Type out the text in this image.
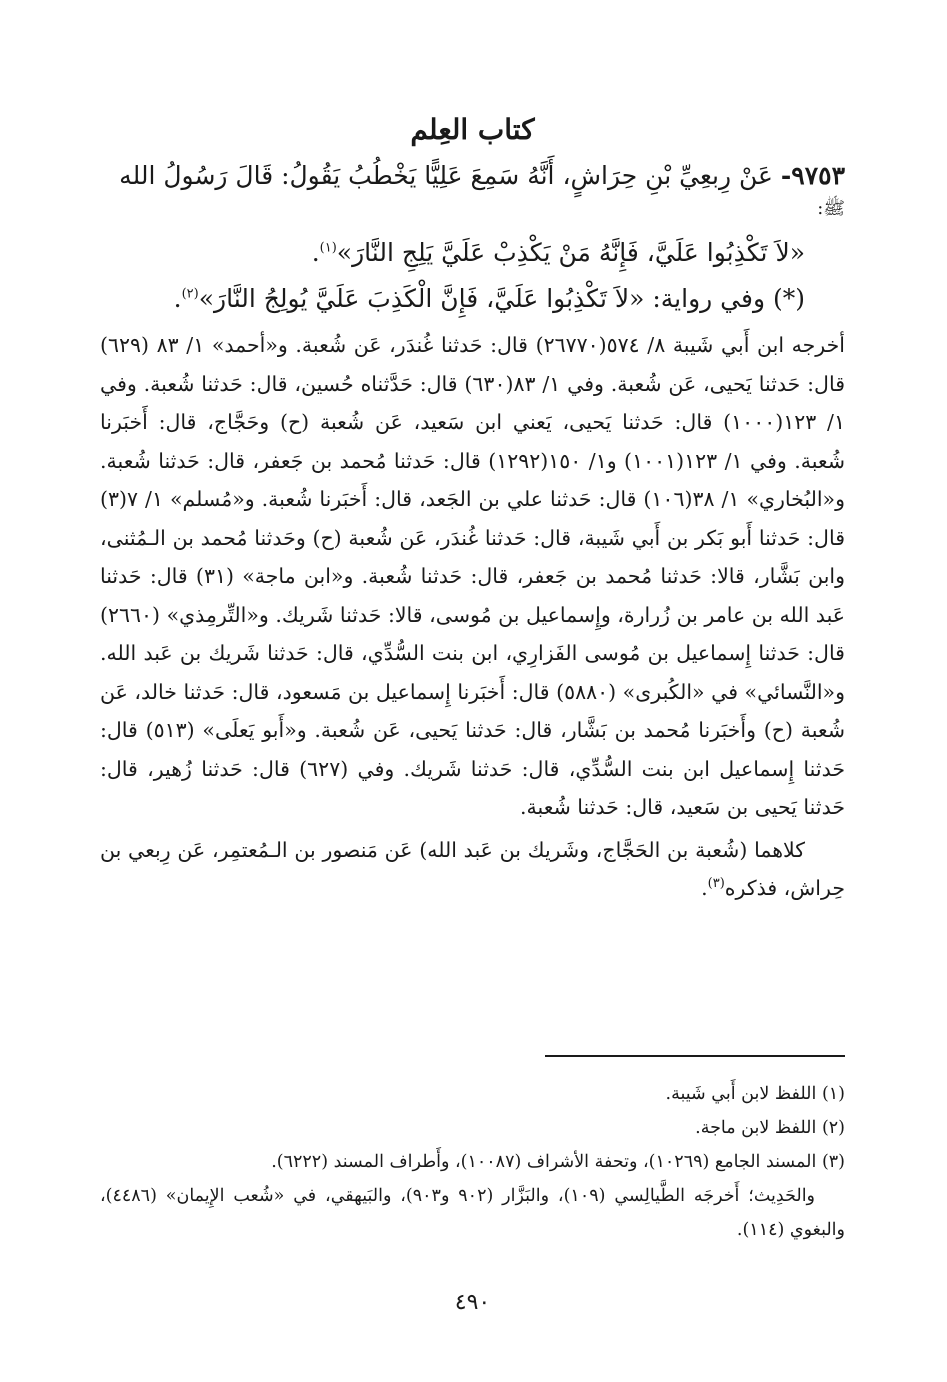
كتاب العِلم

٩٧٥٣- عَنْ رِبعِيِّ بْنِ حِرَاشٍ، أَنَّهُ سَمِعَ عَلِيًّا يَخْطُبُ يَقُولُ: قَالَ رَسُولُ الله
ﷺ:

«لاَ تَكْذِبُوا عَلَيَّ، فَإِنَّهُ مَنْ يَكْذِبْ عَلَيَّ يَلِجِ النَّارَ»$^{(١)}$.

(*) وفي رواية: «لاَ تَكْذِبُوا عَلَيَّ، فَإِنَّ الْكَذِبَ عَلَيَّ يُولِجُ النَّارَ»$^{(٢)}$.

أخرجه ابن أَبي شَيبة ٨/ ٥٧٤(٢٦٧٧٠) قال: حَدثنا غُندَر، عَن شُعبة. و«أحمد» ١/ ٨٣ (٦٢٩) قال: حَدثنا يَحيى، عَن شُعبة. وفي ١/ ٨٣(٦٣٠) قال: حَدَّثناه حُسين، قال: حَدثنا شُعبة. وفي ١/ ١٢٣(١٠٠٠) قال: حَدثنا يَحيى، يَعني ابن سَعيد، عَن شُعبة (ح) وحَجَّاج، قال: أَخبَرنا شُعبة. وفي ١/ ١٢٣(١٠٠١) و١/ ١٥٠(١٢٩٢) قال: حَدثنا مُحمد بن جَعفر، قال: حَدثنا شُعبة. و«البُخاري» ١/ ٣٨(١٠٦) قال: حَدثنا علي بن الجَعد، قال: أَخبَرنا شُعبة. و«مُسلم» ١/ ٧(٣) قال: حَدثنا أَبو بَكر بن أَبي شَيبة، قال: حَدثنا غُندَر، عَن شُعبة (ح) وحَدثنا مُحمد بن الـمُثنى، وابن بَشَّار، قالا: حَدثنا مُحمد بن جَعفر، قال: حَدثنا شُعبة. و«ابن ماجة» (٣١) قال: حَدثنا عَبد الله بن عامر بن زُرارة، وإِسماعيل بن مُوسى، قالا: حَدثنا شَريك. و«التِّرمِذي» (٢٦٦٠) قال: حَدثنا إِسماعيل بن مُوسى الفَزارِي، ابن بنت السُّدِّي، قال: حَدثنا شَريك بن عَبد الله. و«النَّسائي» في «الكُبرى» (٥٨٨٠) قال: أَخبَرنا إِسماعيل بن مَسعود، قال: حَدثنا خالد، عَن شُعبة (ح) وأَخبَرنا مُحمد بن بَشَّار، قال: حَدثنا يَحيى، عَن شُعبة. و«أَبو يَعلَى» (٥١٣) قال: حَدثنا إِسماعيل ابن بنت السُّدِّي، قال: حَدثنا شَريك. وفي (٦٢٧) قال: حَدثنا زُهير، قال: حَدثنا يَحيى بن سَعيد، قال: حَدثنا شُعبة.

كلاهما (شُعبة بن الحَجَّاج، وشَريك بن عَبد الله) عَن مَنصور بن الـمُعتمِر، عَن رِبعي بن حِراش، فذكره$^{(٣)}$.

(١) اللفظ لابن أَبي شَيبة.

(٢) اللفظ لابن ماجة.

(٣) المسند الجامع (١٠٢٦٩)، وتحفة الأشراف (١٠٠٨٧)، وأَطراف المسند (٦٢٢٢).

والحَدِيث؛ أَخرجَه الطَّيالِسي (١٠٩)، والبَزَّار (٩٠٢ و٩٠٣)، والبَيهقي، في «شُعب الإِيمان» (٤٤٨٦)، والبغوي (١١٤).

٤٩٠
